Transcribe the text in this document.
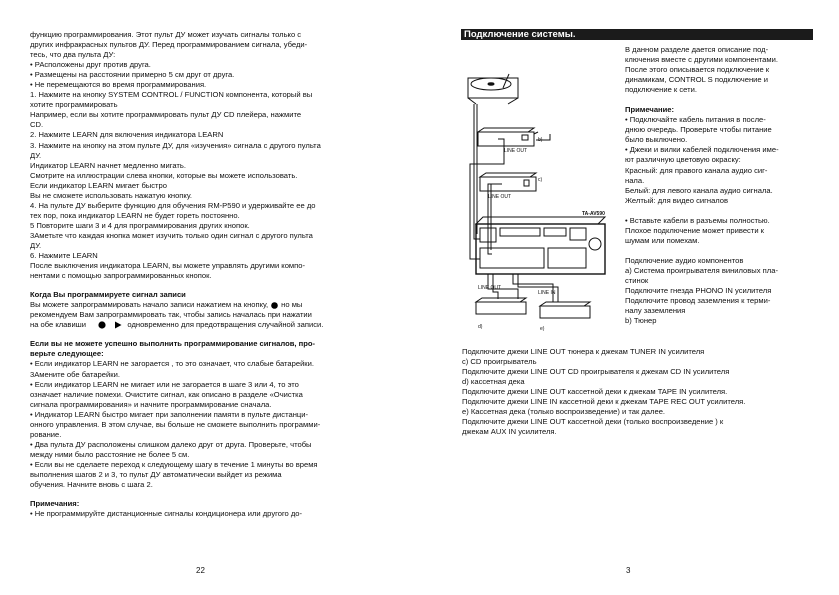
функцию программирования. Этот пульт ДУ может изучать сигналы только с

других инфракрасных пультов ДУ. Перед программированием сигнала, убеди-

тесь, что два пульта ДУ:

• РАсположены друг против друга.

• Размещены на расстоянии примерно 5 см друг от друга.

• Не перемещаются во время программирования.

1. Нажмите на кнопку SYSTEM CONTROL / FUNCTION компонента, который вы

хотите программировать

Например, если вы хотите программировать пульт ДУ CD плейера, нажмите

CD.

2. Нажмите LEARN для включения индикатора LEARN

3. Нажмите на кнопку на этом пульте ДУ, для «изучения» сигнала с другого пульта

ДУ.

Индикатор LEARN начнет медленно мигать.

Смотрите на иллюстрации слева кнопки, которые вы можете использовать.

Если индикатор LEARN мигает быстро

Вы не сможете использовать нажатую кнопку.

4. На пульте ДУ выберите функцию для обучения RM-P590 и удерживайте ее до

тех пор, пока индикатор LEARN не будет гореть постоянно.

5 Повторите шаги 3 и 4 для программирования других кнопок.

3Аметьте что каждая кнопка может изучить только один сигнал с другого пульта

ДУ.

6. Нажмите LEARN

После выключения индикатора LEARN, вы можете управлять другими компо-

нентами с помощью запрограммированных кнопок.

Когда Вы программируете сигнал записи

Вы можете запрограммировать начало записи нажатием на кнопку, но мы

рекомендуем Вам запрограммировать так, чтобы запись началась при нажатии

на обе клавиши	одновременно для предотвращения случайной записи.

Если вы не можете успешно выполнить программирование сигналов, про-

верьте следующее:

• Если индикатор LEARN не загорается , то это означает, что слабые батарейки.

3Амените обе батарейки.

• Если индикатор LEARN не мигает или не загорается в шаге 3 или 4, то это

означает наличие помехи. Очистите сигнал, как описано в разделе «Очистка

сигнала программирования» и начните программирование сначала.

• Индикатор LEARN быстро мигает при заполнении памяти в пульте дистанци-

онного управления. В этом случае, вы больше не сможете выполнить программи-

рование.

• Два пульта ДУ расположены слишком далеко друг от друга. Проверьте, чтобы

между ними было расстояние не более 5 см.

• Если вы не сделаете переход к следующему шагу в течение 1 минуты во время

выполнения шагов 2 и 3, то пульт ДУ автоматически выйдет из режима

обучения. Начните вновь с шага 2.

Примечания:

• Не программируйте дистанционные сигналы кондиционера или другого до-

22
Подключение системы.
b)
c)
LINE OUT
LINE OUT
TA-AV590
LINE OUT
LINE IN
d)	e)

В данном разделе дается описание под-

ключения вместе с другими компонентами.

После этого описывается подключение к

динамикам, CONTROL S подключение и

подключение к сети.

Примечание:

• Подключайте кабель питания в после-

днюю очередь. Проверьте чтобы питание

было выключено.

• Джеки и вилки кабелей подключения име-

ют различную цветовую окраску:

Красный: для правого канала аудио сиг-

нала.

Белый: для левого канала аудио сигнала.

Желтый: для видео сигналов

• Вставьте кабели в разъемы полностью.

Плохое подключение может привести к

шумам или помехам.

Подключение аудио компонентов

а) Система проигрывателя виниловых пла-

стинок

Подключите гнезда PHONO IN усилителя

Подключите провод заземления к терми-

налу заземления

b) Тюнер

Подключите джеки LINE OUT тюнера к джекам TUNER IN усилителя

c) CD проигрыватель

Подключите джеки LINE OUT CD проигрывателя к джекам CD IN усилителя

d) кассетная дека

Подключите джеки LINE OUT кассетной деки к джекам TAPE IN усилителя.

Подключите джеки LINE IN кассетной деки к джекам TAPE REC OUT усилителя.

е) Кассетная дека (только воспроизведение) и так далее.

Подключите джеки LINE OUT кассетной деки (только воспроизведение ) к

джекам AUX IN усилителя.

3
